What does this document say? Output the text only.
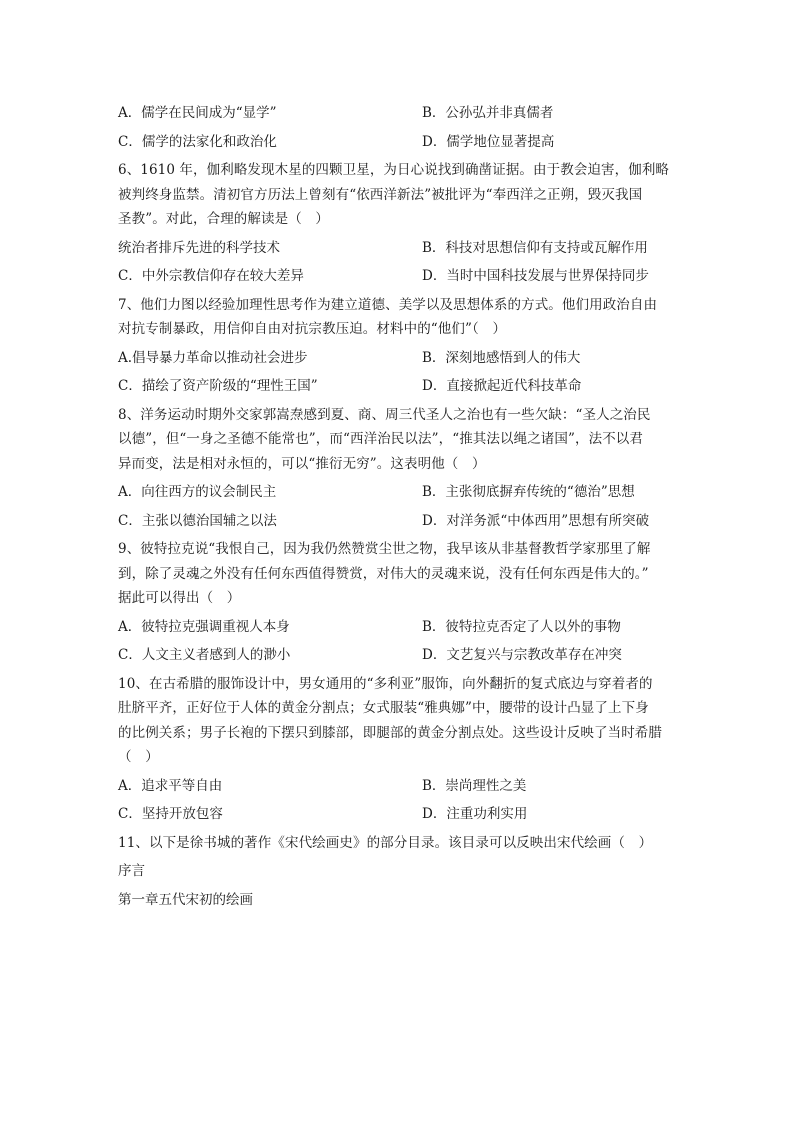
A．儒学在民间成为“显学”	B．公孙弘并非真儒者
C．儒学的法家化和政治化	D．儒学地位显著提高
6、1610 年，伽利略发现木星的四颗卫星，为日心说找到确凿证据。由于教会迫害，伽利略
被判终身监禁。清初官方历法上曾刻有“依西洋新法”被批评为“奉西洋之正朔，毁灭我国
圣教”。对此，合理的解读是（　）
统治者排斥先进的科学技术	B．科技对思想信仰有支持或瓦解作用
C．中外宗教信仰存在较大差异	D．当时中国科技发展与世界保持同步
7、他们力图以经验加理性思考作为建立道德、美学以及思想体系的方式。他们用政治自由
对抗专制暴政，用信仰自由对抗宗教压迫。材料中的“他们”（　）
A.倡导暴力革命以推动社会进步	B．深刻地感悟到人的伟大
C．描绘了资产阶级的“理性王国”	D．直接掀起近代科技革命
8、洋务运动时期外交家郭嵩焘感到夏、商、周三代圣人之治也有一些欠缺：“圣人之治民
以德”，但“一身之圣德不能常也”，而“西洋治民以法”，“推其法以绳之诸国”，法不以君
异而变，法是相对永恒的，可以“推衍无穷”。这表明他（　）
A．向往西方的议会制民主	B．主张彻底摒弃传统的“德治”思想
C．主张以德治国辅之以法	D．对洋务派“中体西用”思想有所突破
9、彼特拉克说“我恨自己，因为我仍然赞赏尘世之物，我早该从非基督教哲学家那里了解
到，除了灵魂之外没有任何东西值得赞赏，对伟大的灵魂来说，没有任何东西是伟大的。”
据此可以得出（　）
A．彼特拉克强调重视人本身	B．彼特拉克否定了人以外的事物
C．人文主义者感到人的渺小	D．文艺复兴与宗教改革存在冲突
10、在古希腊的服饰设计中，男女通用的“多利亚”服饰，向外翻折的复式底边与穿着者的
肚脐平齐，正好位于人体的黄金分割点；女式服装“雅典娜”中，腰带的设计凸显了上下身
的比例关系；男子长袍的下摆只到膝部，即腿部的黄金分割点处。这些设计反映了当时希腊
（　）
A．追求平等自由	B．崇尚理性之美
C．坚持开放包容	D．注重功利实用
11、以下是徐书城的著作《宋代绘画史》的部分目录。该目录可以反映出宋代绘画（　）
序言
第一章五代宋初的绘画
